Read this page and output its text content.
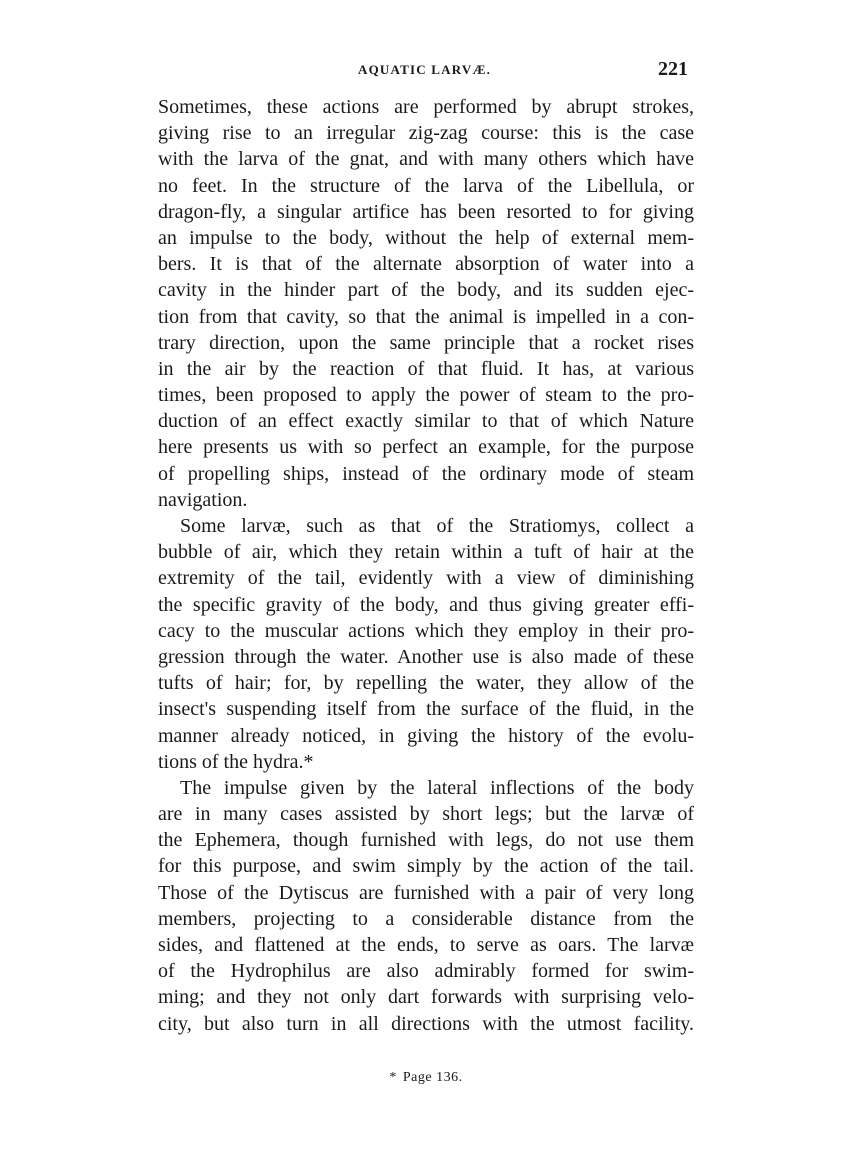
AQUATIC LARVÆ.	221
Sometimes, these actions are performed by abrupt strokes,
giving rise to an irregular zig-zag course: this is the case
with the larva of the gnat, and with many others which have
no feet. In the structure of the larva of the Libellula, or
dragon-fly, a singular artifice has been resorted to for giving
an impulse to the body, without the help of external mem-
bers. It is that of the alternate absorption of water into a
cavity in the hinder part of the body, and its sudden ejec-
tion from that cavity, so that the animal is impelled in a con-
trary direction, upon the same principle that a rocket rises
in the air by the reaction of that fluid. It has, at various
times, been proposed to apply the power of steam to the pro-
duction of an effect exactly similar to that of which Nature
here presents us with so perfect an example, for the purpose
of propelling ships, instead of the ordinary mode of steam
navigation.
Some larvæ, such as that of the Stratiomys, collect a
bubble of air, which they retain within a tuft of hair at the
extremity of the tail, evidently with a view of diminishing
the specific gravity of the body, and thus giving greater effi-
cacy to the muscular actions which they employ in their pro-
gression through the water. Another use is also made of these
tufts of hair; for, by repelling the water, they allow of the
insect's suspending itself from the surface of the fluid, in the
manner already noticed, in giving the history of the evolu-
tions of the hydra.*
The impulse given by the lateral inflections of the body
are in many cases assisted by short legs; but the larvæ of
the Ephemera, though furnished with legs, do not use them
for this purpose, and swim simply by the action of the tail.
Those of the Dytiscus are furnished with a pair of very long
members, projecting to a considerable distance from the
sides, and flattened at the ends, to serve as oars. The larvæ
of the Hydrophilus are also admirably formed for swim-
ming; and they not only dart forwards with surprising velo-
city, but also turn in all directions with the utmost facility.
* Page 136.
